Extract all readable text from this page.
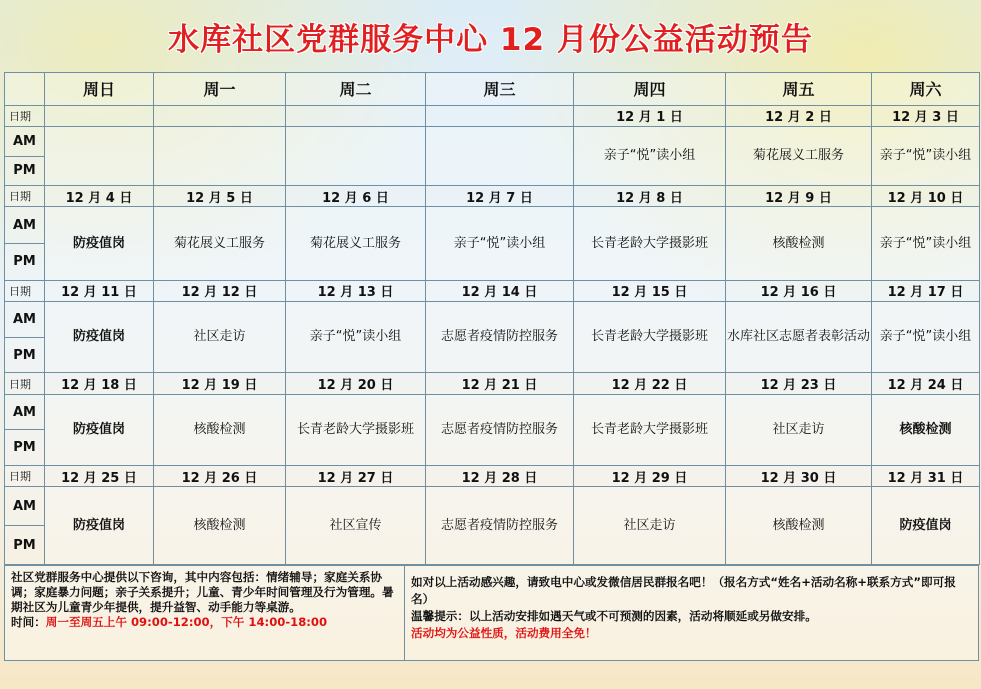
水库社区党群服务中心 12 月份公益活动预告
	周日	周一	周二	周三	周四	周五	周六
日期					12 月 1 日	12 月 2 日	12 月 3 日
AM					亲子“悦”读小组	菊花展义工服务	亲子“悦”读小组
PM							
日期	12 月 4 日	12 月 5 日	12 月 6 日	12 月 7 日	12 月 8 日	12 月 9 日	12 月 10 日
AM	防疫值岗	菊花展义工服务	菊花展义工服务	亲子“悦”读小组	长青老龄大学摄影班	核酸检测	亲子“悦”读小组
PM							
日期	12 月 11 日	12 月 12 日	12 月 13 日	12 月 14 日	12 月 15 日	12 月 16 日	12 月 17 日
AM	防疫值岗	社区走访	亲子“悦”读小组	志愿者疫情防控服务	长青老龄大学摄影班	水库社区志愿者表彰活动	亲子“悦”读小组
PM							
日期	12 月 18 日	12 月 19 日	12 月 20 日	12 月 21 日	12 月 22 日	12 月 23 日	12 月 24 日
AM	防疫值岗	核酸检测	长青老龄大学摄影班	志愿者疫情防控服务	长青老龄大学摄影班	社区走访	核酸检测
PM							
日期	12 月 25 日	12 月 26 日	12 月 27 日	12 月 28 日	12 月 29 日	12 月 30 日	12 月 31 日
AM	防疫值岗	核酸检测	社区宣传	志愿者疫情防控服务	社区走访	核酸检测	防疫值岗
PM							
社区党群服务中心提供以下咨询，其中内容包括：情绪辅导；家庭关系协调；家庭暴力问题；亲子关系提升；儿童、青少年时间管理及行为管理。暑期社区为儿童青少年提供，提升益智、动手能力等桌游。
时间：周一至周五上午 09:00-12:00，下午 14:00-18:00
如对以上活动感兴趣，请致电中心或发微信居民群报名吧！（报名方式“姓名+活动名称+联系方式”即可报名）
温馨提示：以上活动安排如遇天气或不可预测的因素，活动将顺延或另做安排。
活动均为公益性质，活动费用全免！
